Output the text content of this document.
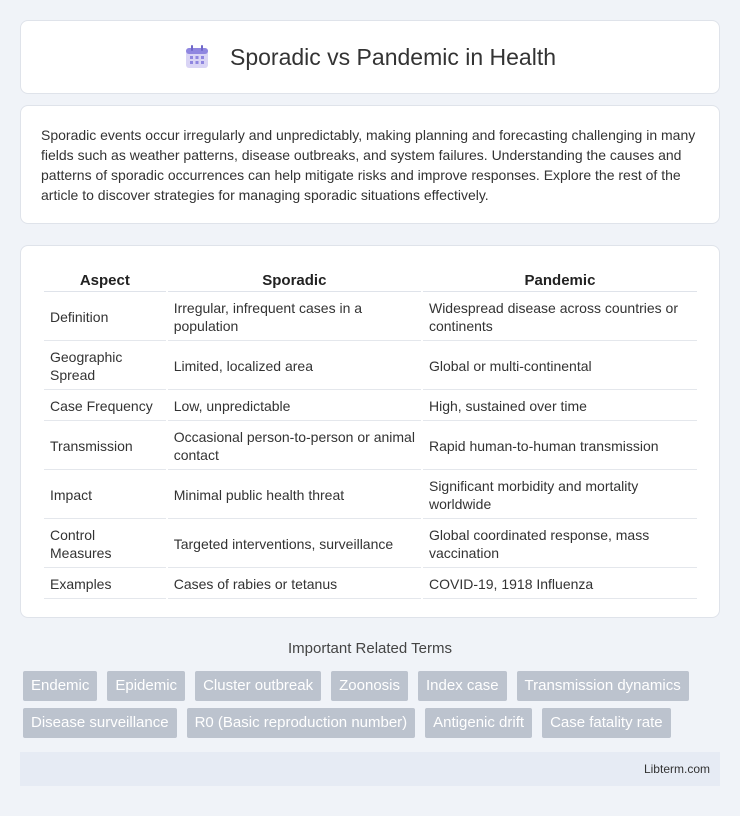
Sporadic vs Pandemic in Health

Sporadic events occur irregularly and unpredictably, making planning and forecasting challenging in many fields such as weather patterns, disease outbreaks, and system failures. Understanding the causes and patterns of sporadic occurrences can help mitigate risks and improve responses. Explore the rest of the article to discover strategies for managing sporadic situations effectively.

Aspect	Sporadic	Pandemic
Definition	Irregular, infrequent cases in a population	Widespread disease across countries or continents
Geographic Spread	Limited, localized area	Global or multi-continental
Case Frequency	Low, unpredictable	High, sustained over time
Transmission	Occasional person-to-person or animal contact	Rapid human-to-human transmission
Impact	Minimal public health threat	Significant morbidity and mortality worldwide
Control Measures	Targeted interventions, surveillance	Global coordinated response, mass vaccination
Examples	Cases of rabies or tetanus	COVID-19, 1918 Influenza
Important Related Terms
Endemic	Epidemic	Cluster outbreak	Zoonosis	Index case	Transmission dynamics
Disease surveillance	R0 (Basic reproduction number)	Antigenic drift	Case fatality rate
Libterm.com
